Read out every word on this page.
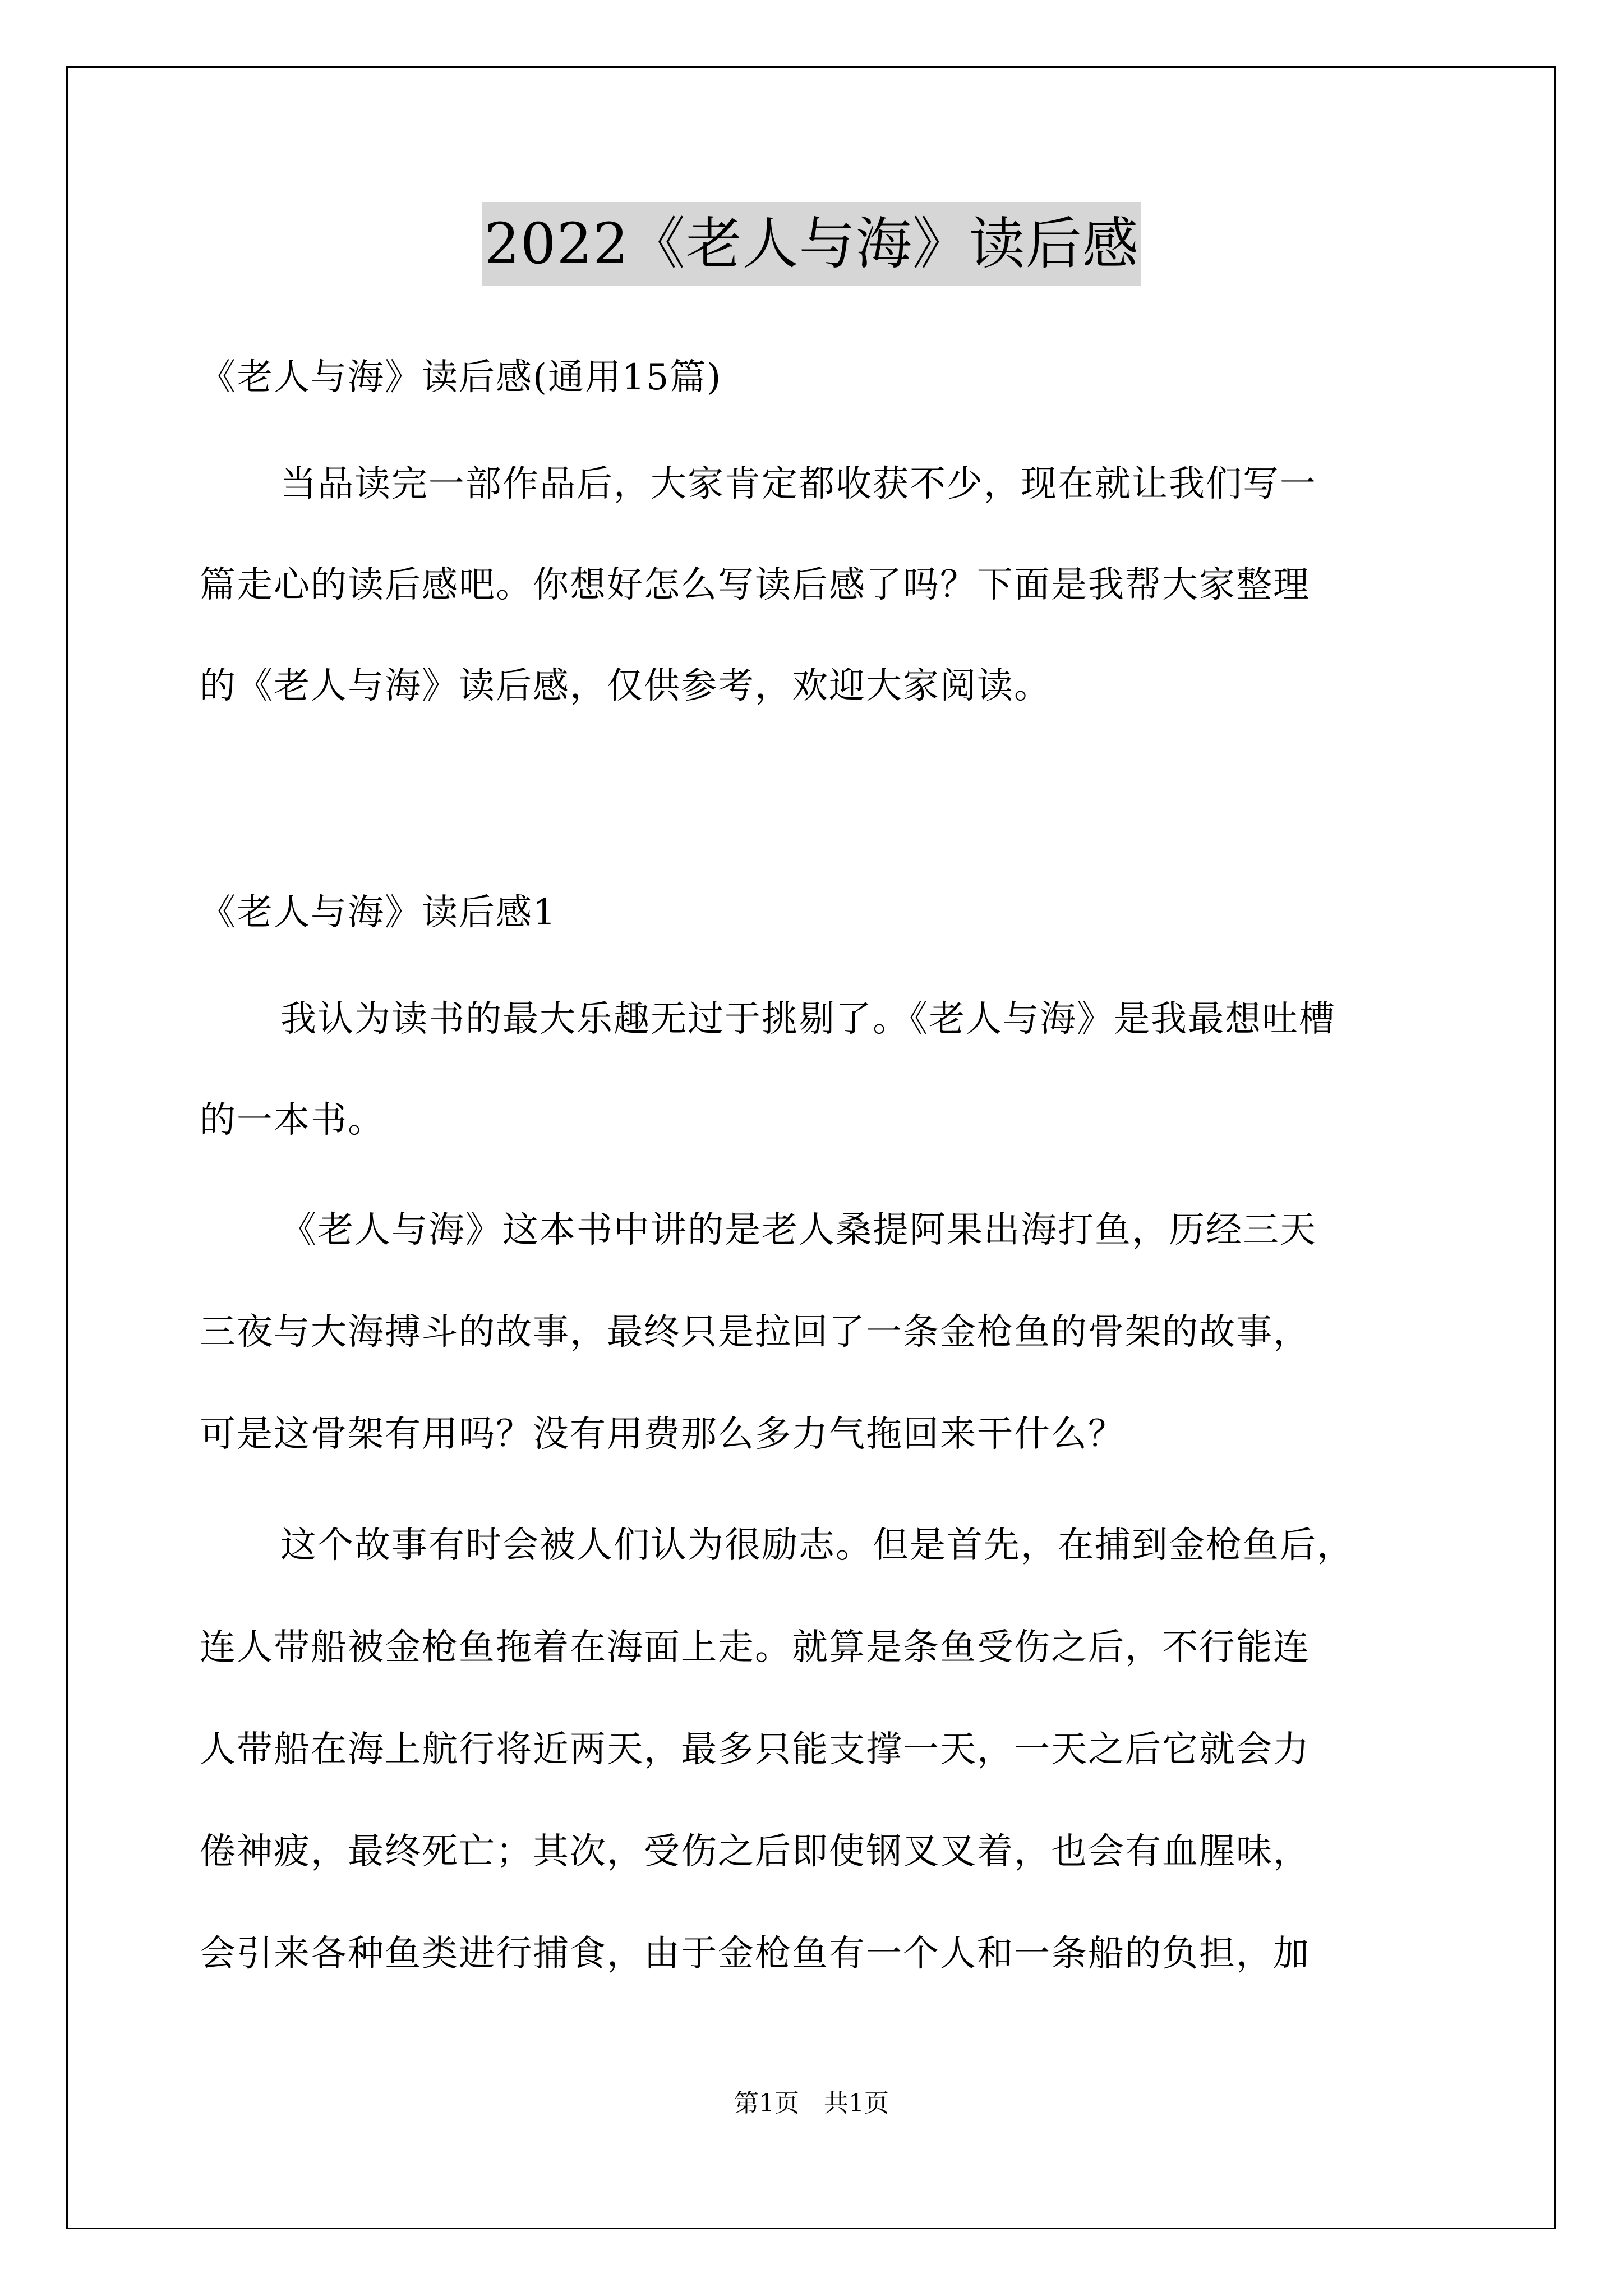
2022《老人与海》读后感
《老人与海》读后感(通用15篇)
当品读完一部作品后，大家肯定都收获不少，现在就让我们写一
篇走心的读后感吧。你想好怎么写读后感了吗？下面是我帮大家整理
的《老人与海》读后感，仅供参考，欢迎大家阅读。
《老人与海》读后感1
我认为读书的最大乐趣无过于挑剔了。《老人与海》是我最想吐槽
的一本书。
《老人与海》这本书中讲的是老人桑提阿果出海打鱼，历经三天
三夜与大海搏斗的故事，最终只是拉回了一条金枪鱼的骨架的故事，
可是这骨架有用吗？没有用费那么多力气拖回来干什么？
这个故事有时会被人们认为很励志。但是首先，在捕到金枪鱼后，
连人带船被金枪鱼拖着在海面上走。就算是条鱼受伤之后，不行能连
人带船在海上航行将近两天，最多只能支撑一天，一天之后它就会力
倦神疲，最终死亡；其次，受伤之后即使钢叉叉着，也会有血腥味，
会引来各种鱼类进行捕食，由于金枪鱼有一个人和一条船的负担，加
第1页　共1页
